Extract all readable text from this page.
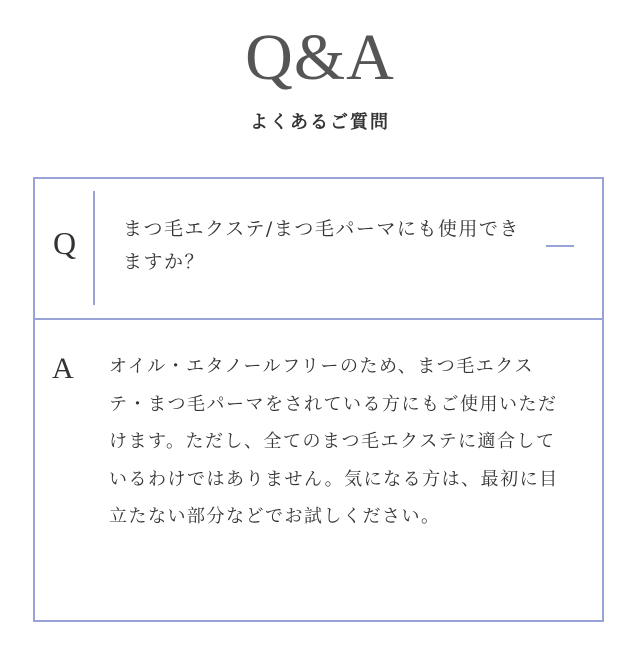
Q&A
よくあるご質問
Q まつ毛エクステ/まつ毛パーマにも使用できますか？
A オイル・エタノールフリーのため、まつ毛エクステ・まつ毛パーマをされている方にもご使用いただけます。ただし、全てのまつ毛エクステに適合しているわけではありません。気になる方は、最初に目立たない部分などでお試しください。
